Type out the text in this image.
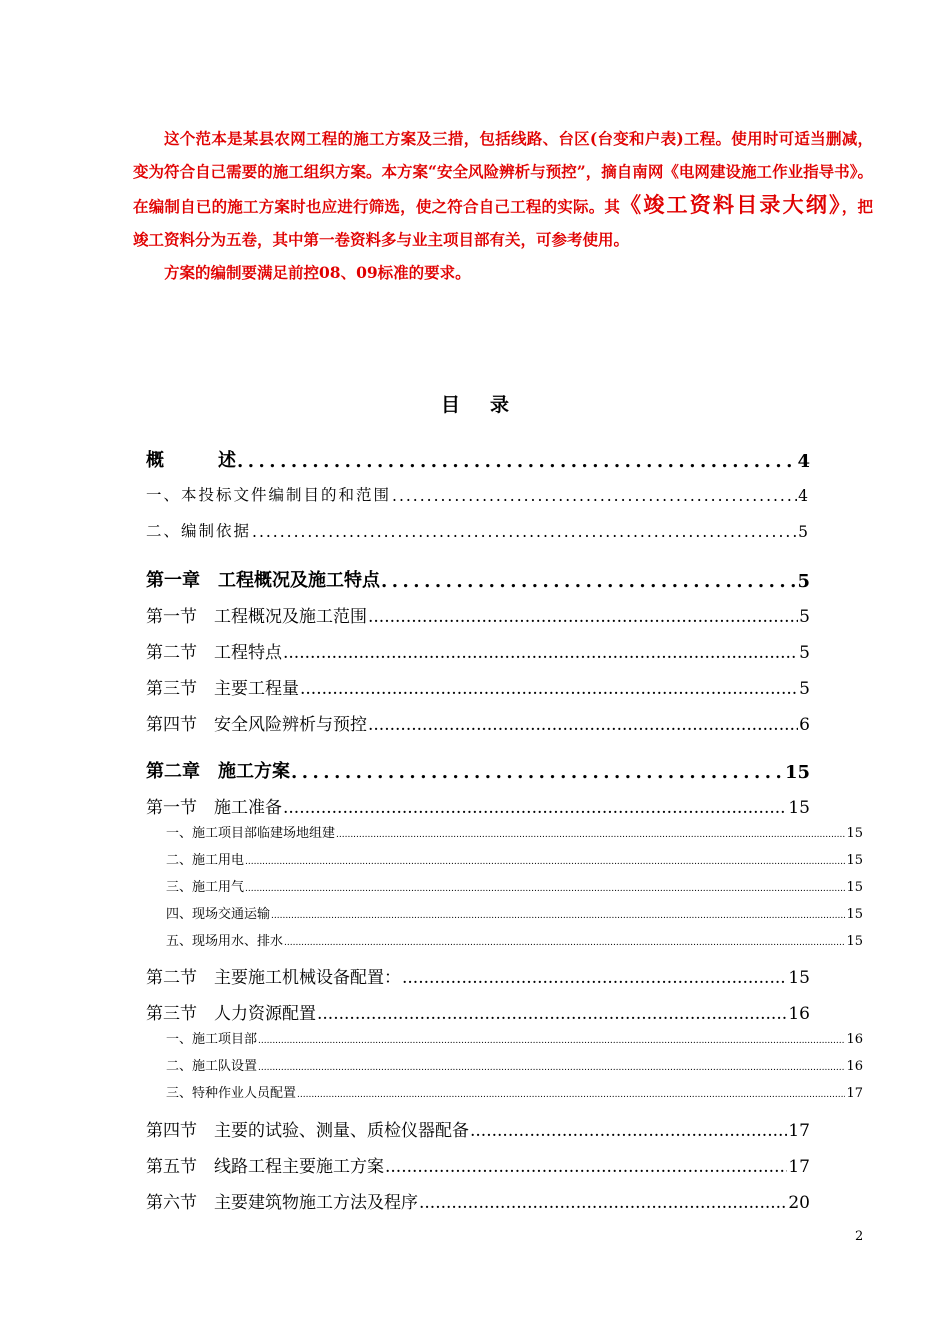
这个范本是某县农网工程的施工方案及三措，包括线路、台区(台变和户表)工程。使用时可适当删减，变为符合自己需要的施工组织方案。本方案“安全风险辨析与预控”，摘自南网《电网建设施工作业指导书》。在编制自已的施工方案时也应进行筛选，使之符合自己工程的实际。其《竣工资料目录大纲》，把竣工资料分为五卷，其中第一卷资料多与业主项目部有关，可参考使用。

方案的编制要满足前控08、09标准的要求。

目录
概　　　述 .....	4
一、本投标文件编制目的和范围 .....	4
二、编制依据 .....	5
第一章　工程概况及施工特点 .....	5
第一节　工程概况及施工范围 .....	5
第二节　工程特点 .....	5
第三节　主要工程量 .....	5
第四节　安全风险辨析与预控 .....	6
第二章　施工方案 .....	15
第一节　施工准备 .....	15
一、施工项目部临建场地组建 .....	15
二、施工用电 .....	15
三、施工用气 .....	15
四、现场交通运输 .....	15
五、现场用水、排水 .....	15
第二节　主要施工机械设备配置： .....	15
第三节　人力资源配置 .....	16
一、施工项目部 .....	16
二、施工队设置 .....	16
三、特种作业人员配置 .....	17
第四节　主要的试验、测量、质检仪器配备 .....	17
第五节　线路工程主要施工方案 .....	17
第六节　主要建筑物施工方法及程序 .....	20
2
